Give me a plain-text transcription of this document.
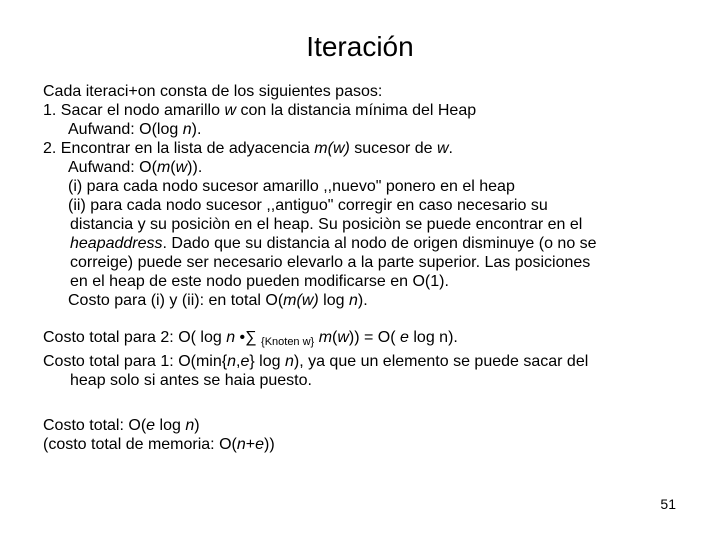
Iteración
Cada iteraci+on consta de los siguientes pasos:
1. Sacar el nodo amarillo w con la distancia mínima del Heap
Aufwand: O(log n).
2. Encontrar en la lista de adyacencia m(w) sucesor de w.
Aufwand: O(m(w)).
(i) para cada nodo sucesor amarillo ,,nuevo" ponero en el heap
(ii) para cada nodo sucesor ,,antiguo" corregir en caso necesario su
distancia y su posiciòn en el heap. Su posiciòn se puede encontrar en el
heapaddress. Dado que su distancia al nodo de origen disminuye (o no se
correige) puede ser necesario elevarlo a la parte superior. Las posiciones
en el heap de este nodo pueden modificarse en O(1).
Costo para (i) y (ii): en total O(m(w) log n).
Costo total para 2: O( log n •∑ $_{\{Knoten w\}}$ m(w)) = O( e log n).
Costo total para 1: O(min{n,e} log n), ya que un elemento se puede sacar del
heap solo si antes se haia puesto.
Costo total: O(e log n)
(costo total de memoria: O(n+e))
51
